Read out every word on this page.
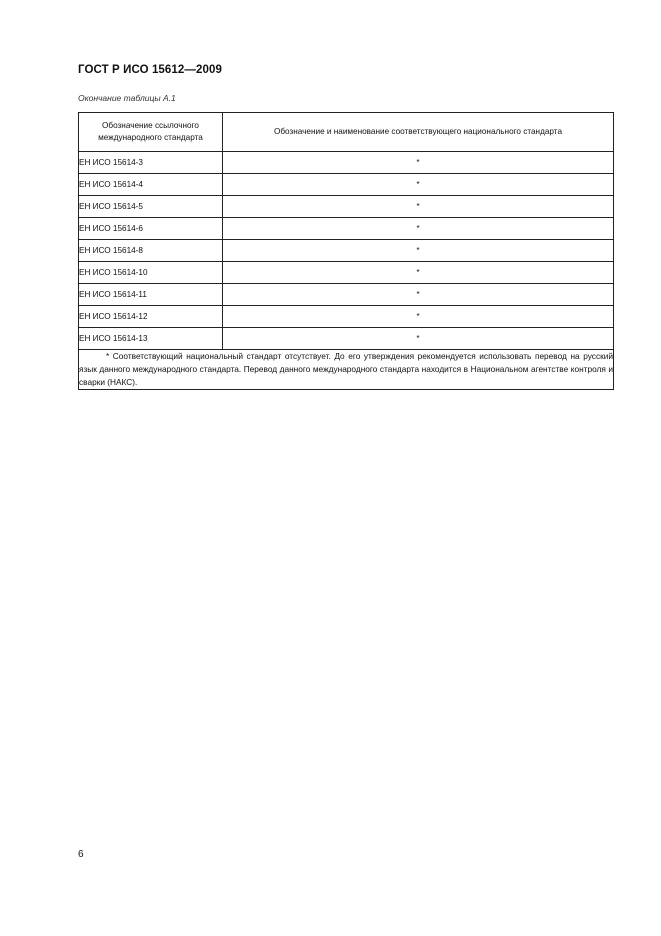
ГОСТ Р ИСО 15612—2009
Окончание таблицы А.1
Обозначение ссылочного международного стандарта	Обозначение и наименование соответствующего национального стандарта
ЕН ИСО 15614-3	*
ЕН ИСО 15614-4	*
ЕН ИСО 15614-5	*
ЕН ИСО 15614-6	*
ЕН ИСО 15614-8	*
ЕН ИСО 15614-10	*
ЕН ИСО 15614-11	*
ЕН ИСО 15614-12	*
ЕН ИСО 15614-13	*

* Соответствующий национальный стандарт отсутствует. До его утверждения рекомендуется использовать перевод на русский язык данного международного стандарта. Перевод данного международного стандарта находится в Национальном агентстве контроля и сварки (НАКС).	
6
